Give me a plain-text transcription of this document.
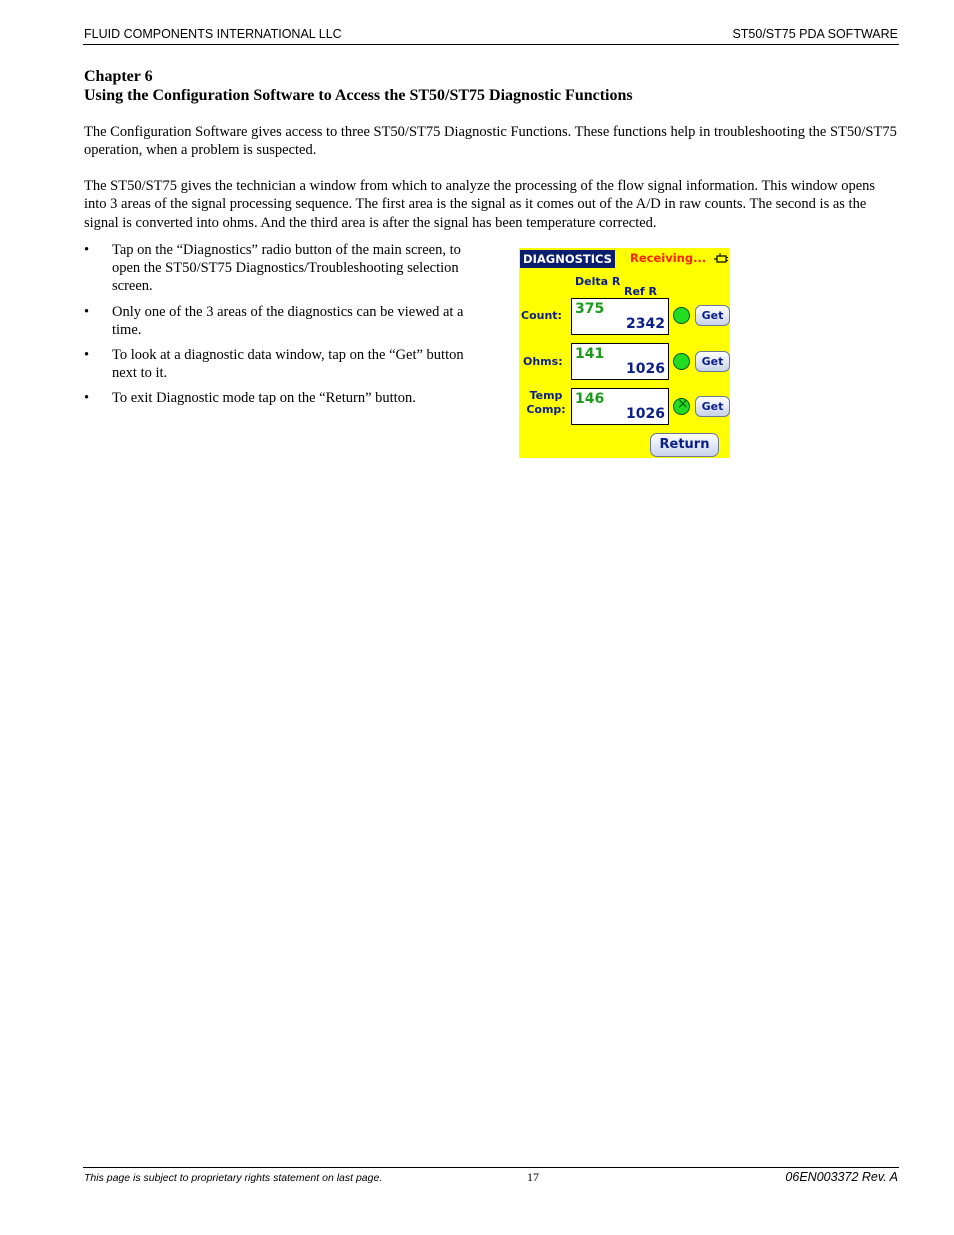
FLUID COMPONENTS INTERNATIONAL LLC	ST50/ST75 PDA SOFTWARE
Chapter 6
Using the Configuration Software to Access the ST50/ST75 Diagnostic Functions
The Configuration Software gives access to three ST50/ST75 Diagnostic Functions. These functions help in troubleshooting the ST50/ST75 operation, when a problem is suspected.
The ST50/ST75 gives the technician a window from which to analyze the processing of the flow signal information. This window opens into 3 areas of the signal processing sequence. The first area is the signal as it comes out of the A/D in raw counts. The second is as the signal is converted into ohms. And the third area is after the signal has been temperature corrected.
•	Tap on the “Diagnostics” radio button of the main screen, to open the ST50/ST75 Diagnostics/Troubleshooting selection screen.
•	Only one of the 3 areas of the diagnostics can be viewed at a time.
•	To look at a diagnostic data window, tap on the “Get” button next to it.
•	To exit Diagnostic mode tap on the “Return” button.
DIAGNOSTICS Receiving...
Delta R
Ref R
Count: 375
2342
Get
Ohms: 141
1026	Get
Temp Comp:
146
1026
×	Get
Return
This page is subject to proprietary rights statement on last page.	17	06EN003372 Rev. A
